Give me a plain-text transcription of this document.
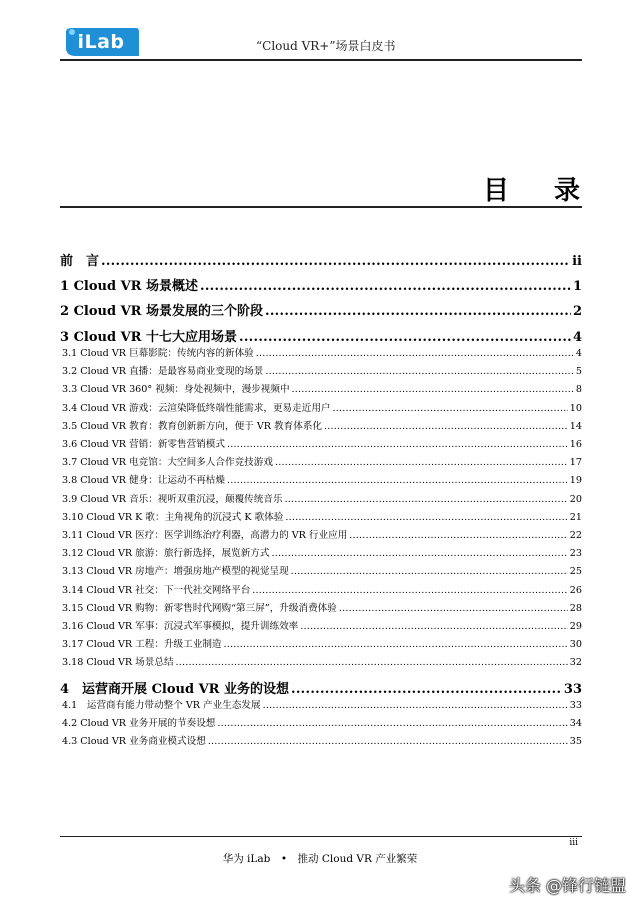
iLab	“Cloud VR+”场景白皮书
目 录
前　言 .....	ii
1 Cloud VR 场景概述 .....	1
2 Cloud VR 场景发展的三个阶段 .....	2
3 Cloud VR 十七大应用场景 .....	4
3.1 Cloud VR 巨幕影院：传统内容的新体验 .....	4
3.2 Cloud VR 直播：是最容易商业变现的场景 .....	5
3.3 Cloud VR 360° 视频：身处视频中，漫步视频中 .....	8
3.4 Cloud VR 游戏：云渲染降低终端性能需求，更易走近用户 .....	10
3.5 Cloud VR 教育：教育创新新方向，便于 VR 教育体系化 .....	14
3.6 Cloud VR 营销：新零售营销模式 .....	16
3.7 Cloud VR 电竞馆：大空间多人合作竞技游戏 .....	17
3.8 Cloud VR 健身：让运动不再枯燥 .....	19
3.9 Cloud VR 音乐：视听双重沉浸，颠覆传统音乐 .....	20
3.10 Cloud VR K 歌：主角视角的沉浸式 K 歌体验 .....	21
3.11 Cloud VR 医疗：医学训练治疗利器，高潜力的 VR 行业应用 .....	22
3.12 Cloud VR 旅游：旅行新选择，展览新方式 .....	23
3.13 Cloud VR 房地产：增强房地产模型的视觉呈现 .....	25
3.14 Cloud VR 社交：下一代社交网络平台 .....	26
3.15 Cloud VR 购物：新零售时代网购“第三屏”，升级消费体验 .....	28
3.16 Cloud VR 军事：沉浸式军事模拟，提升训练效率 .....	29
3.17 Cloud VR 工程：升级工业制造 .....	30
3.18 Cloud VR 场景总结 .....	32
4　运营商开展 Cloud VR 业务的设想 .....	33
4.1　运营商有能力带动整个 VR 产业生态发展 .....	33
4.2 Cloud VR 业务开展的节奏设想 .....	34
4.3 Cloud VR 业务商业模式设想 .....	35
iii
华为 iLab　•　推动 Cloud VR 产业繁荣
头条 @锋行链盟
